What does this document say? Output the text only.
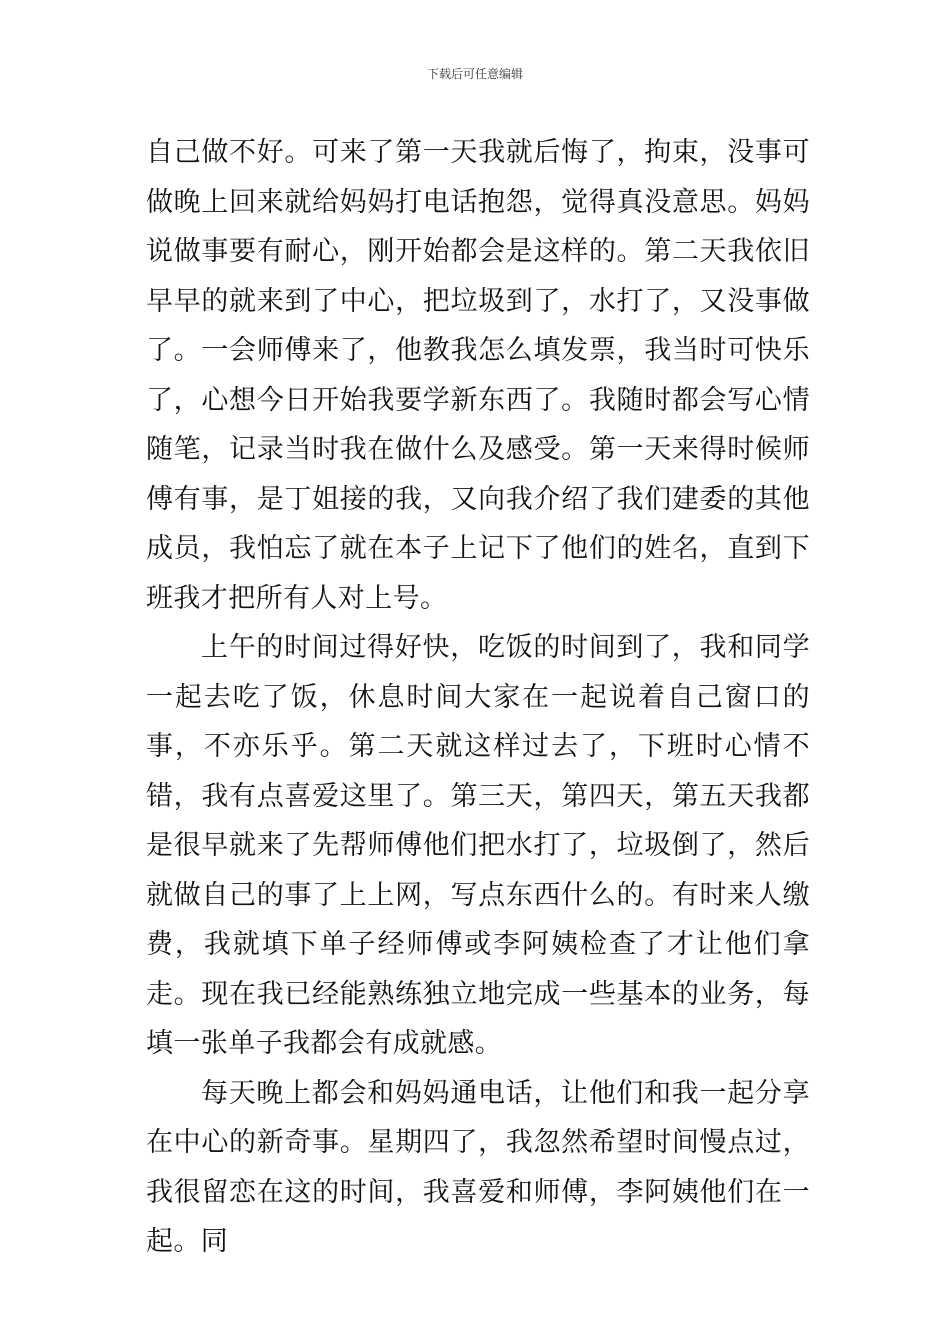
下载后可任意编辑

自己做不好。可来了第一天我就后悔了，拘束，没事可做晚上回来就给妈妈打电话抱怨，觉得真没意思。妈妈说做事要有耐心，刚开始都会是这样的。第二天我依旧早早的就来到了中心，把垃圾到了，水打了，又没事做了。一会师傅来了，他教我怎么填发票，我当时可快乐了，心想今日开始我要学新东西了。我随时都会写心情随笔，记录当时我在做什么及感受。第一天来得时候师傅有事，是丁姐接的我，又向我介绍了我们建委的其他成员，我怕忘了就在本子上记下了他们的姓名，直到下班我才把所有人对上号。

上午的时间过得好快，吃饭的时间到了，我和同学一起去吃了饭，休息时间大家在一起说着自己窗口的事，不亦乐乎。第二天就这样过去了，下班时心情不错，我有点喜爱这里了。第三天，第四天，第五天我都是很早就来了先帮师傅他们把水打了，垃圾倒了，然后就做自己的事了上上网，写点东西什么的。有时来人缴费，我就填下单子经师傅或李阿姨检查了才让他们拿走。现在我已经能熟练独立地完成一些基本的业务，每填一张单子我都会有成就感。

每天晚上都会和妈妈通电话，让他们和我一起分享在中心的新奇事。星期四了，我忽然希望时间慢点过，我很留恋在这的时间，我喜爱和师傅，李阿姨他们在一起。同
